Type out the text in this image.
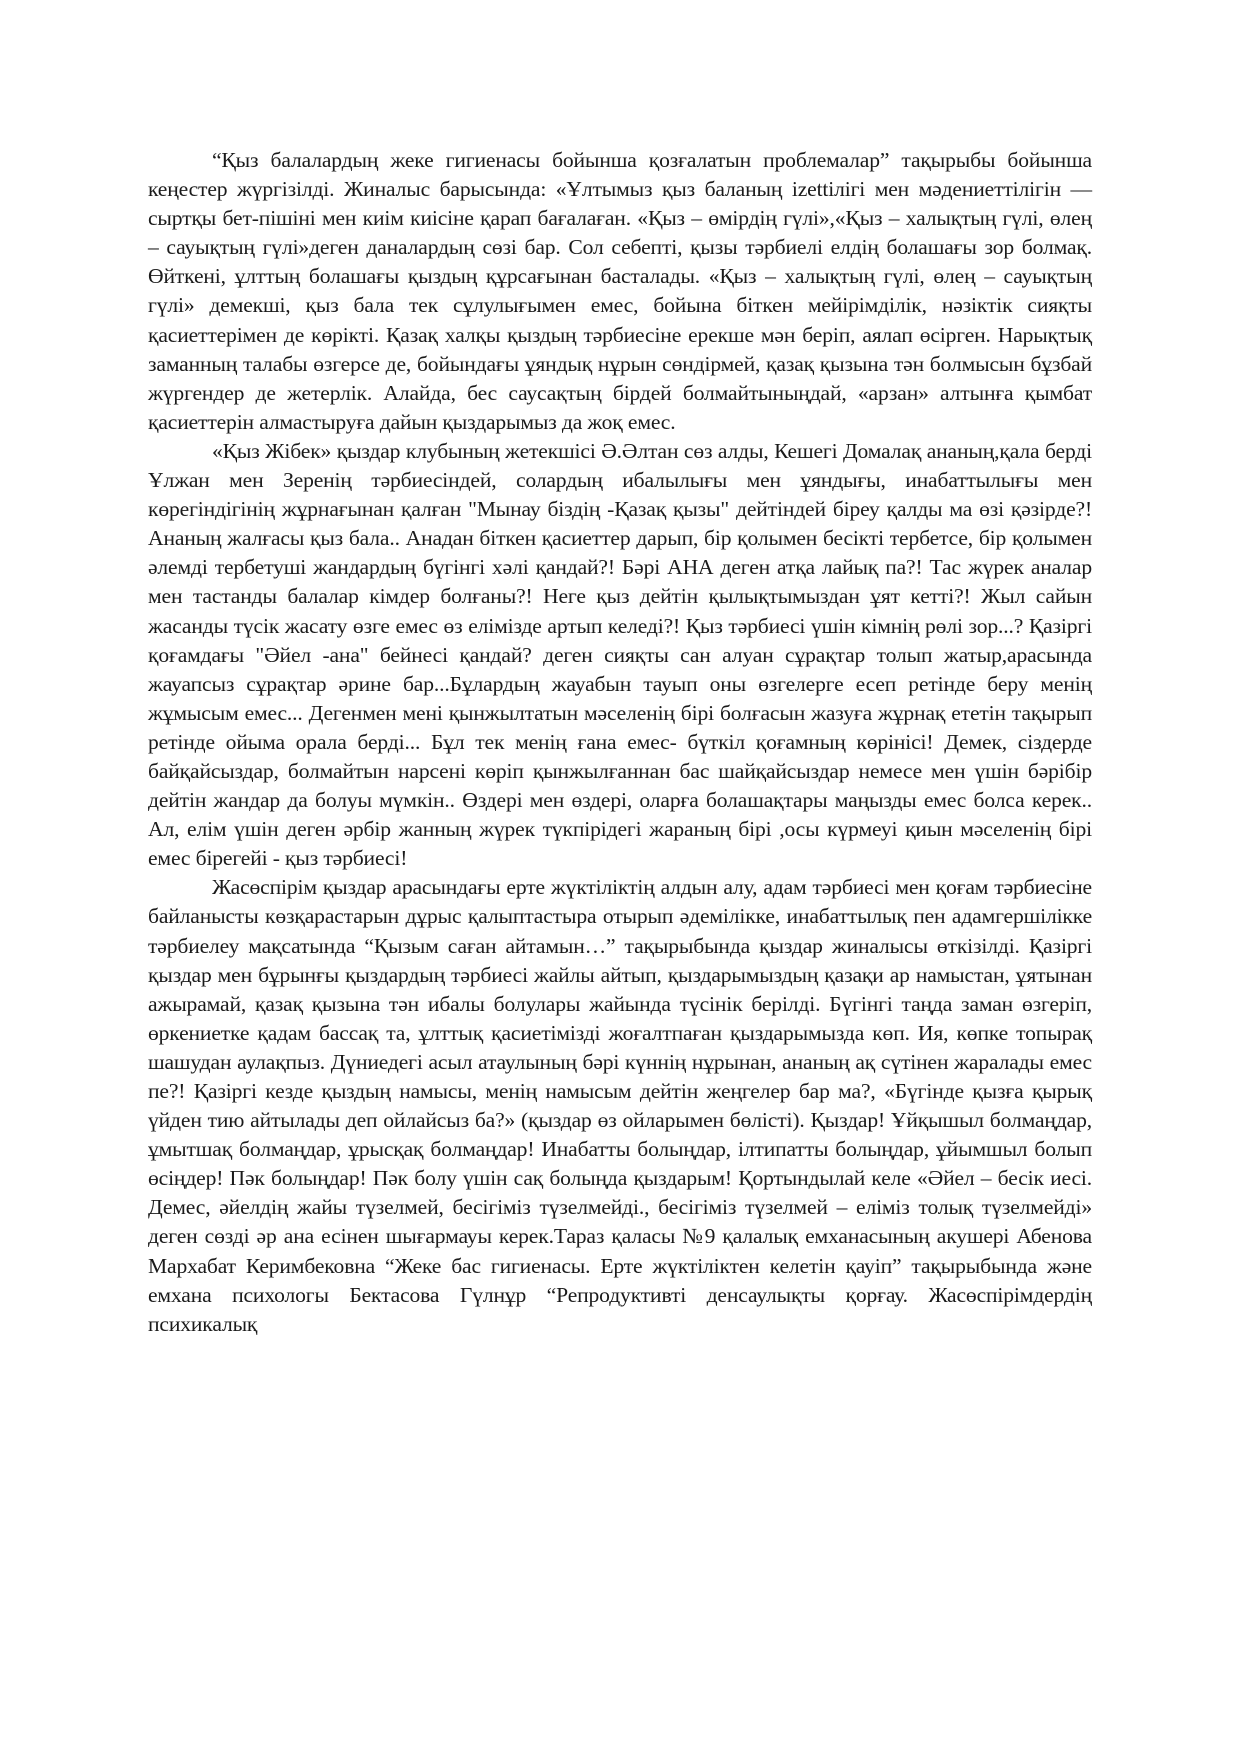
“Қыз балалардың жеке гигиенасы бойынша қозғалатын проблемалар” тақырыбы бойынша кеңестер жүргізілді. Жиналыс барысында: «Ұлтымыз қыз баланың izettiлігі мен мәдениеттілігін — сыртқы бет-пішіні мен киім киісіне қарап бағалаған. «Қыз – өмірдің гүлі»,«Қыз – халықтың гүлі, өлең – сауықтың гүлі»деген даналардың сөзі бар. Сол себепті, қызы тәрбиелі елдің болашағы зор болмақ. Өйткені, ұлттың болашағы қыздың құрсағынан басталады. «Қыз – халықтың гүлі, өлең – сауықтың гүлі» демекші, қыз бала тек сұлулығымен емес, бойына біткен мейірімділік, нәзіктік сияқты қасиеттерімен де көрікті. Қазақ халқы қыздың тәрбиесіне ерекше мән беріп, аялап өсірген. Нарықтық заманның талабы өзгерсе де, бойындағы ұяндық нұрын сөндірмей, қазақ қызына тән болмысын бұзбай жүргендер де жетерлік. Алайда, бес саусақтың бірдей болмайтыныңдай, «арзан» алтынға қымбат қасиеттерін алмастыруға дайын қыздарымыз да жоқ емес.

«Қыз Жібек» қыздар клубының жетекшісі Ә.Әлтан сөз алды, Кешегі Домалақ ананың,қала берді Ұлжан мен Зеренің тәрбиесіндей, солардың ибалылығы мен ұяндығы, инабаттылығы мен көрегіндігінің жұрнағынан қалған "Мынау біздің -Қазақ қызы" дейтіндей біреу қалды ма өзі қәзірде?! Ананың жалғасы қыз бала.. Анадан біткен қасиеттер дарып, бір қолымен бесікті тербетсе, бір қолымен әлемді тербетуші жандардың бүгінгі хәлі қандай?! Бәрі АНА деген атқа лайық па?! Тас жүрек аналар мен тастанды балалар кімдер болғаны?! Неге қыз дейтін қылықтымыздан ұят кетті?! Жыл сайын жасанды түсік жасату өзге емес өз елімізде артып келеді?! Қыз тәрбиесі үшін кімнің рөлі зор...? Қазіргі қоғамдағы "Әйел -ана" бейнесі қандай? деген сияқты сан алуан сұрақтар толып жатыр,арасында жауапсыз сұрақтар әрине бар...Бұлардың жауабын тауып оны өзгелерге есеп ретінде беру менің жұмысым емес... Дегенмен мені қынжылтатын мәселенің бірі болғасын жазуға жұрнақ ететін тақырып ретінде ойыма орала берді... Бұл тек менің ғана емес- бүткіл қоғамның көрінісі! Демек, сіздерде байқайсыздар, болмайтын нарсені көріп қынжылғаннан бас шайқайсыздар немесе мен үшін бәрібір дейтін жандар да болуы мүмкін.. Өздері мен өздері, оларға болашақтары маңызды емес болса керек.. Ал, елім үшін деген әрбір жанның жүрек түкпірідегі жараның бірі ,осы күрмеуі қиын мәселенің бірі емес бірегейі - қыз тәрбиесі!

Жасөспірім қыздар арасындағы ерте жүктіліктің алдын алу, адам тәрбиесі мен қоғам тәрбиесіне байланысты көзқарастарын дұрыс қалыптастыра отырып әдемілікке, инабаттылық пен адамгершілікке тәрбиелеу мақсатында “Қызым саған айтамын…” тақырыбында қыздар жиналысы өткізілді. Қазіргі қыздар мен бұрынғы қыздардың тәрбиесі жайлы айтып, қыздарымыздың қазақи ар намыстан, ұятынан ажырамай, қазақ қызына тән ибалы болулары жайында түсінік берілді. Бүгінгі таңда заман өзгеріп, өркениетке қадам бассақ та, ұлттық қасиетімізді жоғалтпаған қыздарымызда көп. Ия, көпке топырақ шашудан аулақпыз. Дүниедегі асыл атаулының бәрі күннің нұрынан, ананың ақ сүтінен жаралады емес пе?! Қазіргі кезде қыздың намысы, менің намысым дейтін жеңгелер бар ма?, «Бүгінде қызға қырық үйден тию айтылады деп ойлайсыз ба?» (қыздар өз ойларымен бөлісті). Қыздар! Ұйқышыл болмаңдар, ұмытшақ болмаңдар, ұрысқақ болмаңдар! Инабатты болыңдар, ілтипатты болыңдар, ұйымшыл болып өсіңдер! Пәк болыңдар! Пәк болу үшін сақ болыңда қыздарым! Қортындылай келе «Әйел – бесік иесі. Демес, әйелдің жайы түзелмей, бесігіміз түзелмейді., бесігіміз түзелмей – еліміз толық түзелмейді» деген сөзді әр ана есінен шығармауы керек.Тараз қаласы №9 қалалық емханасының акушері Абенова Мархабат Керимбековна “Жеке бас гигиенасы. Ерте жүктіліктен келетін қауіп” тақырыбында және емхана психологы Бектасова Гүлнұр “Репродуктивті денсаулықты қорғау. Жасөспірімдердің психикалық
